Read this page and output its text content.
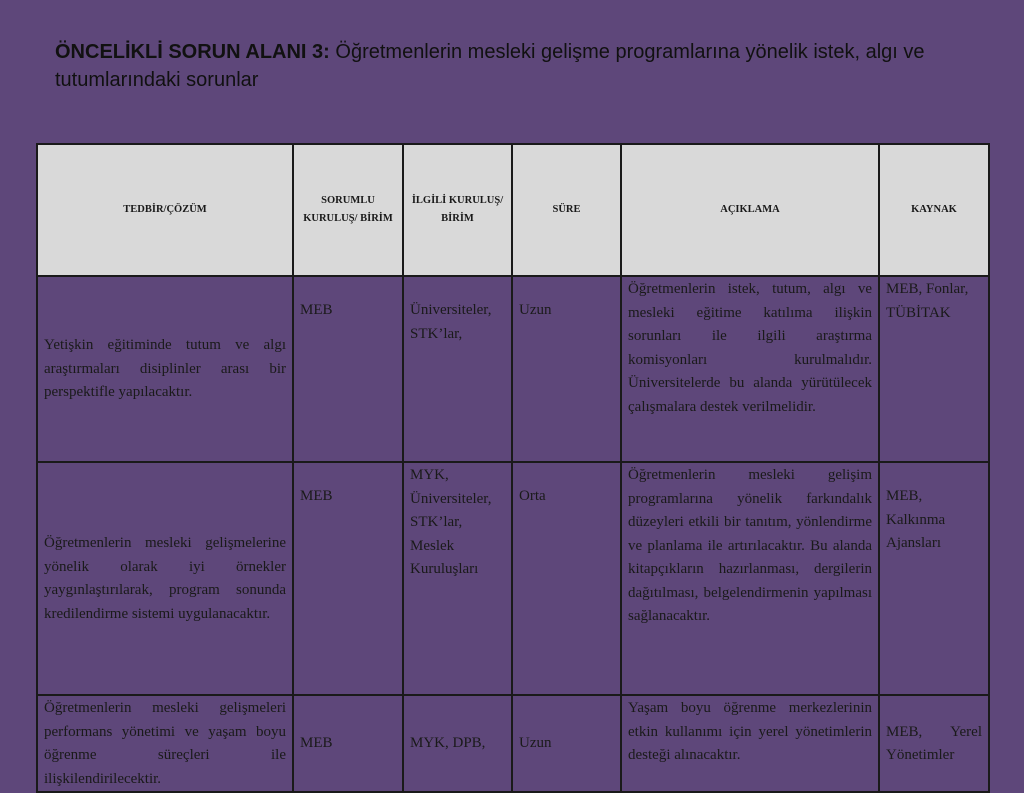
ÖNCELİKLİ SORUN ALANI 3: Öğretmenlerin mesleki gelişme programlarına yönelik istek, algı ve tutumlarındaki sorunlar
TEDBİR/ÇÖZÜM	SORUMLU KURULUŞ/ BİRİM	İLGİLİ KURULUŞ/ BİRİM	SÜRE	AÇIKLAMA	KAYNAK
Yetişkin eğitiminde tutum ve algı araştırmaları disiplinler arası bir perspektifle yapılacaktır.	MEB	Üniversiteler, STK’lar,	Uzun	Öğretmenlerin istek, tutum, algı ve mesleki eğitime katılıma ilişkin sorunları ile ilgili araştırma komisyonları kurulmalıdır. Üniversitelerde bu alanda yürütülecek çalışmalara destek verilmelidir.	MEB, Fonlar, TÜBİTAK
Öğretmenlerin mesleki gelişmelerine yönelik olarak iyi örnekler yaygınlaştırılarak, program sonunda kredilendirme sistemi uygulanacaktır.	MEB	MYK, Üniversiteler, STK’lar, Meslek Kuruluşları	Orta	Öğretmenlerin mesleki gelişim programlarına yönelik farkındalık düzeyleri etkili bir tanıtım, yönlendirme ve planlama ile artırılacaktır. Bu alanda kitapçıkların hazırlanması, dergilerin dağıtılması, belgelendirmenin yapılması sağlanacaktır.	MEB, Kalkınma Ajansları
Öğretmenlerin mesleki gelişmeleri performans yönetimi ve yaşam boyu öğrenme süreçleri ile ilişkilendirilecektir.	MEB	MYK, DPB,	Uzun	Yaşam boyu öğrenme merkezlerinin etkin kullanımı için yerel yönetimlerin desteği alınacaktır.	MEB, Yerel Yönetimler
